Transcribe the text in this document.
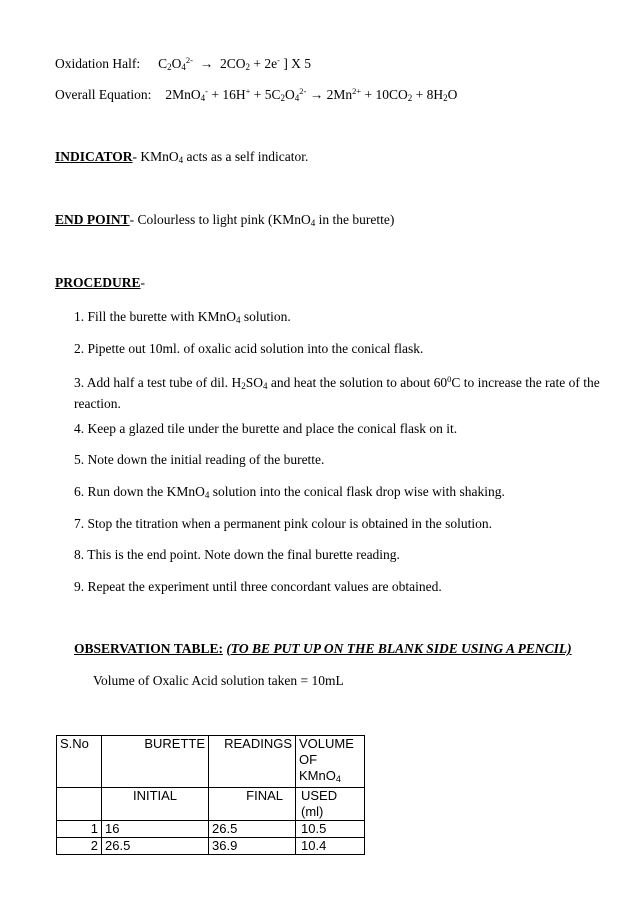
Oxidation Half: $C_2O_4^{2-} \to 2CO_2 + 2e^-$ ] X 5
Overall Equation: $2MnO_4^- + 16H^+ + 5C_2O_4^{2-} \to 2Mn^{2+} + 10CO_2 + 8H_2O$
INDICATOR- KMnO$_4$ acts as a self indicator.
END POINT- Colourless to light pink (KMnO$_4$ in the burette)
PROCEDURE-
1. Fill the burette with KMnO$_4$ solution.
2. Pipette out 10ml. of oxalic acid solution into the conical flask.
3. Add half a test tube of dil. $H_2SO_4$ and heat the solution to about $60^0C$ to increase the rate of the reaction.
4. Keep a glazed tile under the burette and place the conical flask on it.
5. Note down the initial reading of the burette.
6. Run down the KMnO$_4$ solution into the conical flask drop wise with shaking.
7. Stop the titration when a permanent pink colour is obtained in the solution.
8. This is the end point. Note down the final burette reading.
9. Repeat the experiment until three concordant values are obtained.
OBSERVATION TABLE: (TO BE PUT UP ON THE BLANK SIDE USING A PENCIL)
Volume of Oxalic Acid solution taken = 10mL
S.No	BURETTE	READINGS	VOLUME
OF
KMnO$_4$

	INITIAL	FINAL	USED
(ml)

1	16	26.5	10.5
2	26.5	36.9	10.4
